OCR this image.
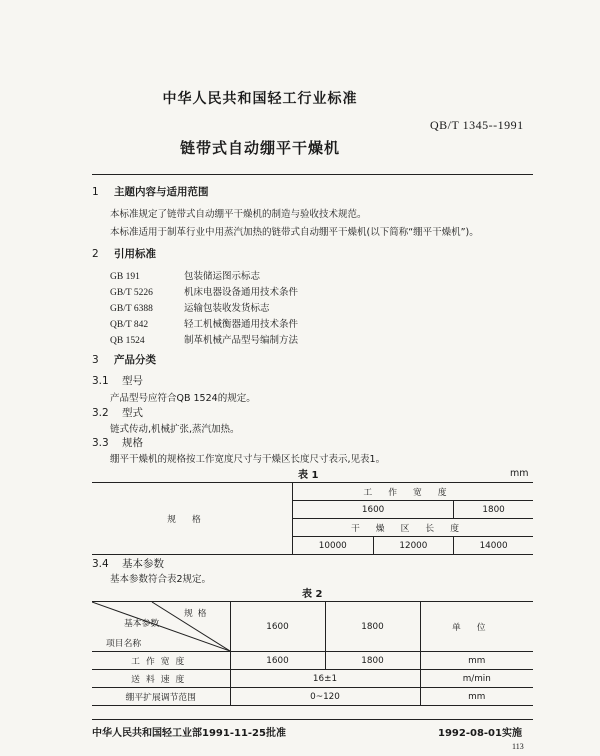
中华人民共和国轻工行业标准
QB/T 1345--1991
链带式自动绷平干燥机
1 主题内容与适用范围
本标准规定了链带式自动绷平干燥机的制造与验收技术规范。
本标准适用于制革行业中用蒸汽加热的链带式自动绷平干燥机(以下简称“绷平干燥机”)。
2 引用标准
GB 191	包装储运图示标志
GB/T 5226	机床电器设备通用技术条件
GB/T 6388	运输包装收发货标志
QB/T 842	轻工机械衡器通用技术条件
QB 1524	制革机械产品型号编制方法
3 产品分类
3.1 型号
产品型号应符合QB 1524的规定。
3.2 型式
链式传动,机械扩张,蒸汽加热。
3.3 规格
绷平干燥机的规格按工作宽度尺寸与干燥区长度尺寸表示,见表1。
表 1	mm
规格	工作宽度		
	1600		1800
	干燥区长度		
	10000	12000	14000
3.4 基本参数
基本参数符合表2规定。
表 2
规格
基本参数
项目名称	1600	1800	单位
工作宽度	1600	1800	mm
送料速度	16±1		m/min
绷平扩展调节范围	0~120		mm
中华人民共和国轻工业部1991-11-25批准	1992-08-01实施
113
